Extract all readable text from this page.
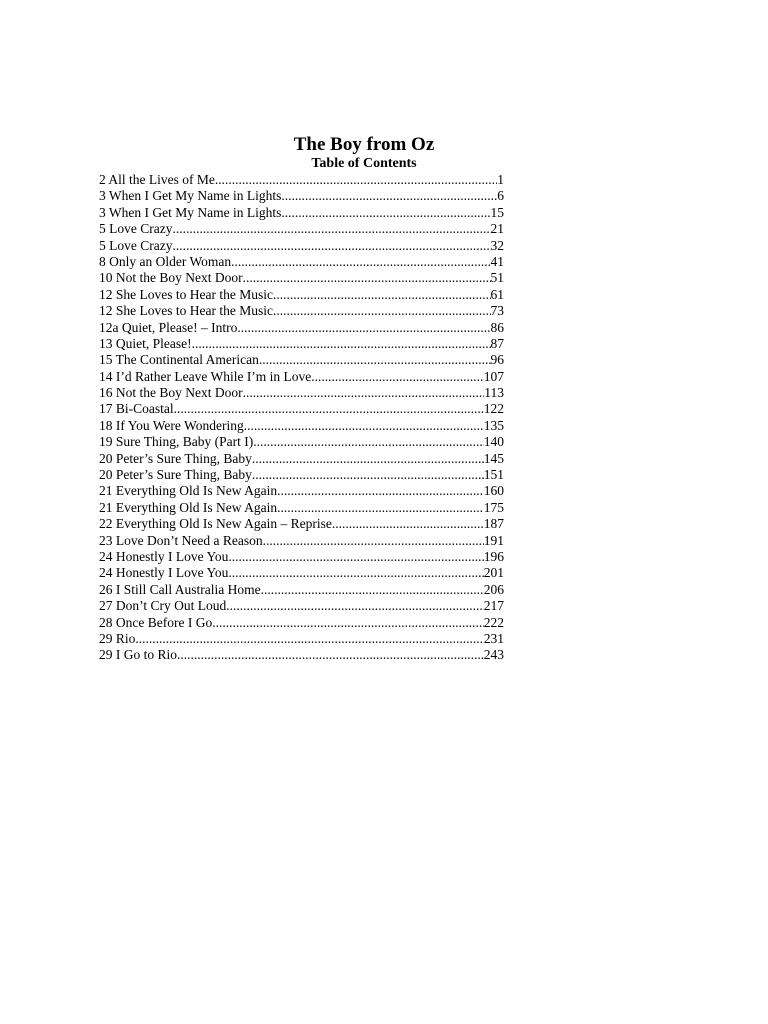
The Boy from Oz
Table of Contents
2 All the Lives of Me .....	1
3 When I Get My Name in Lights .....	6
3 When I Get My Name in Lights .....	15
5 Love Crazy .....	21
5 Love Crazy .....	32
8 Only an Older Woman .....	41
10 Not the Boy Next Door .....	51
12 She Loves to Hear the Music .....	61
12 She Loves to Hear the Music .....	73
12a Quiet, Please! – Intro .....	86
13 Quiet, Please! .....	87
15 The Continental American .....	96
14 I’d Rather Leave While I’m in Love .....	107
16 Not the Boy Next Door .....	113
17 Bi-Coastal .....	122
18 If You Were Wondering .....	135
19 Sure Thing, Baby (Part I) .....	140
20 Peter’s Sure Thing, Baby .....	145
20 Peter’s Sure Thing, Baby .....	151
21 Everything Old Is New Again .....	160
21 Everything Old Is New Again .....	175
22 Everything Old Is New Again – Reprise .....	187
23 Love Don’t Need a Reason .....	191
24 Honestly I Love You .....	196
24 Honestly I Love You .....	201
26 I Still Call Australia Home .....	206
27 Don’t Cry Out Loud .....	217
28 Once Before I Go .....	222
29 Rio .....	231
29 I Go to Rio .....	243
